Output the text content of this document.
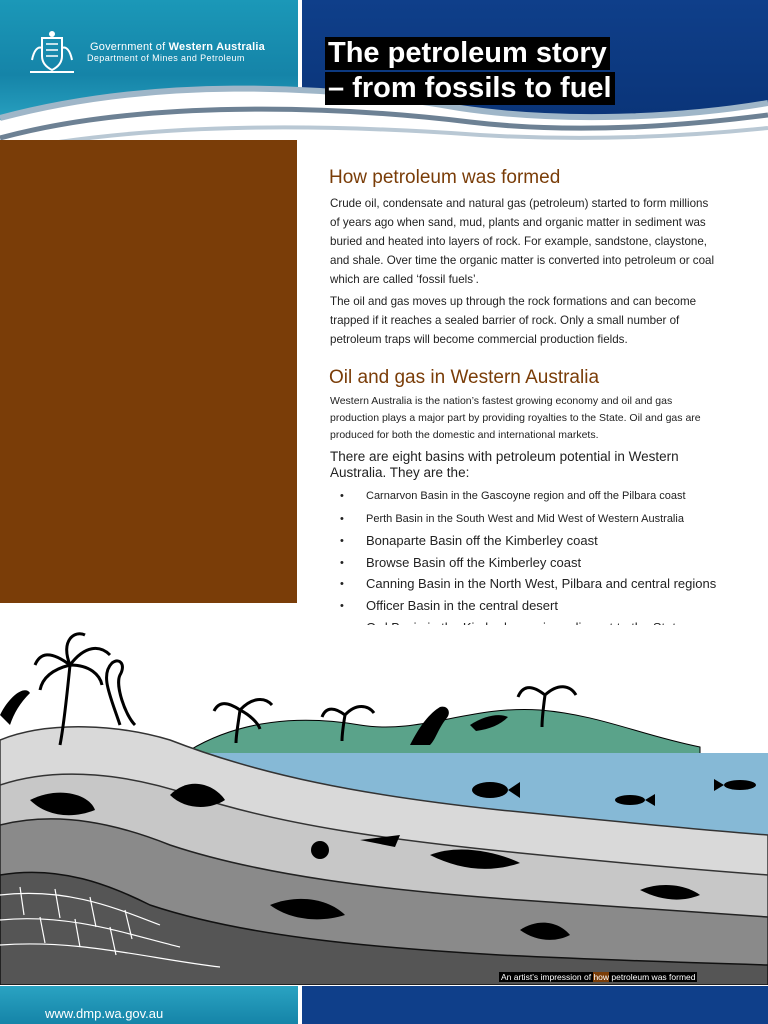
Government of Western Australia
Department of Mines and Petroleum	The petroleum story
– from fossils to fuel
How petroleum was formed
Crude oil, condensate and natural gas (petroleum) started to form millions of years ago when sand, mud, plants and organic matter in sediment was buried and heated into layers of rock. For example, sandstone, claystone, and shale. Over time the organic matter is converted into petroleum or coal which are called ‘fossil fuels’.
The oil and gas moves up through the rock formations and can become trapped if it reaches a sealed barrier of rock. Only a small number of petroleum traps will become commercial production fields.
Oil and gas in Western Australia
Western Australia is the nation’s fastest growing economy and oil and gas production plays a major part by providing royalties to the State. Oil and gas are produced for both the domestic and international markets.
There are eight basins with petroleum potential in Western Australia. They are the:
Carnarvon Basin in the Gascoyne region and off the Pilbara coast
Perth Basin in the South West and Mid West of Western Australia
Bonaparte Basin off the Kimberley coast
Browse Basin off the Kimberley coast
Canning Basin in the North West, Pilbara and central regions
Officer Basin in the central desert
An artist’s impression of how petroleum was formed
www.dmp.wa.gov.au
